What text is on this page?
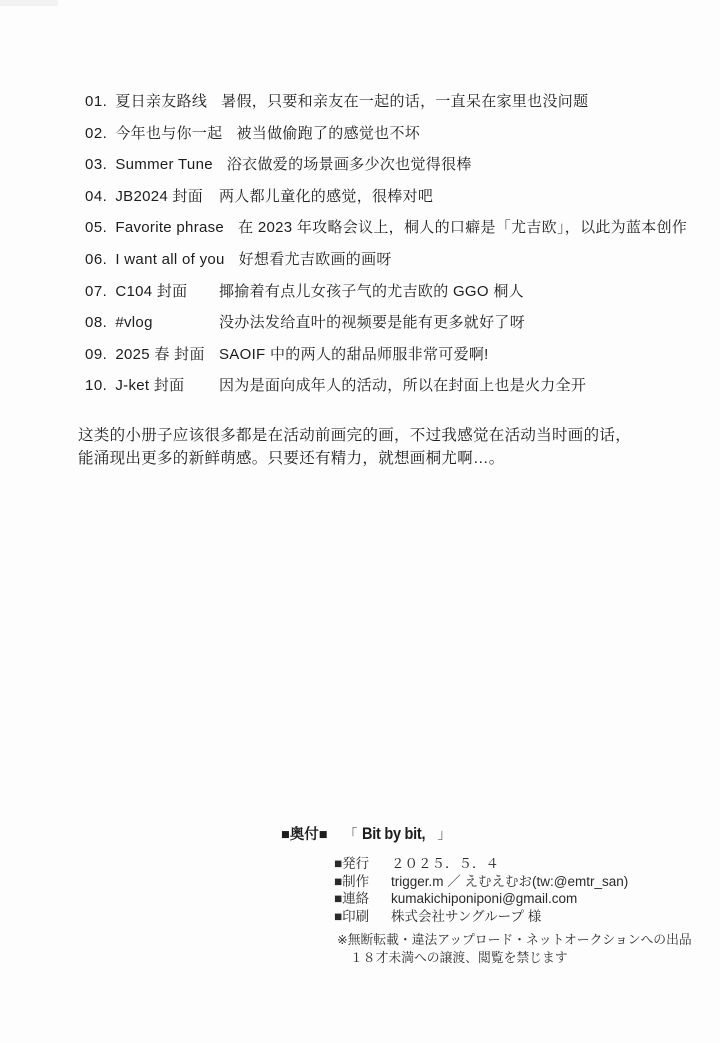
01. 夏日亲友路线 暑假，只要和亲友在一起的话，一直呆在家里也没问题
02. 今年也与你一起 被当做偷跑了的感觉也不坏
03. Summer Tune 浴衣做爱的场景画多少次也觉得很棒
04. JB2024 封面 两人都儿童化的感觉，很棒对吧
05. Favorite phrase 在 2023 年攻略会议上，桐人的口癖是「尤吉欧」，以此为蓝本创作
06. I want all of you 好想看尤吉欧画的画呀
07. C104 封面 揶揄着有点儿女孩子气的尤吉欧的 GGO 桐人
08. #vlog	没办法发给直叶的视频要是能有更多就好了呀
09. 2025 春 封面 SAOIF 中的两人的甜品师服非常可爱啊!
10. J-ket 封面 因为是面向成年人的活动，所以在封面上也是火力全开
这类的小册子应该很多都是在活动前画完的画，不过我感觉在活动当时画的话，
能涌现出更多的新鲜萌感。只要还有精力，就想画桐尤啊…。
■奥付■ 「 Bit by bit, 」
■発行	２０２５．５．４
■制作	trigger.m ／ えむえむお(tw:@emtr_san)
■連絡	kumakichiponiponi@gmail.com
■印刷	株式会社サングループ 様
※無断転載・違法アップロード・ネットオークションへの出品
１８才未満への譲渡、閲覧を禁じます
